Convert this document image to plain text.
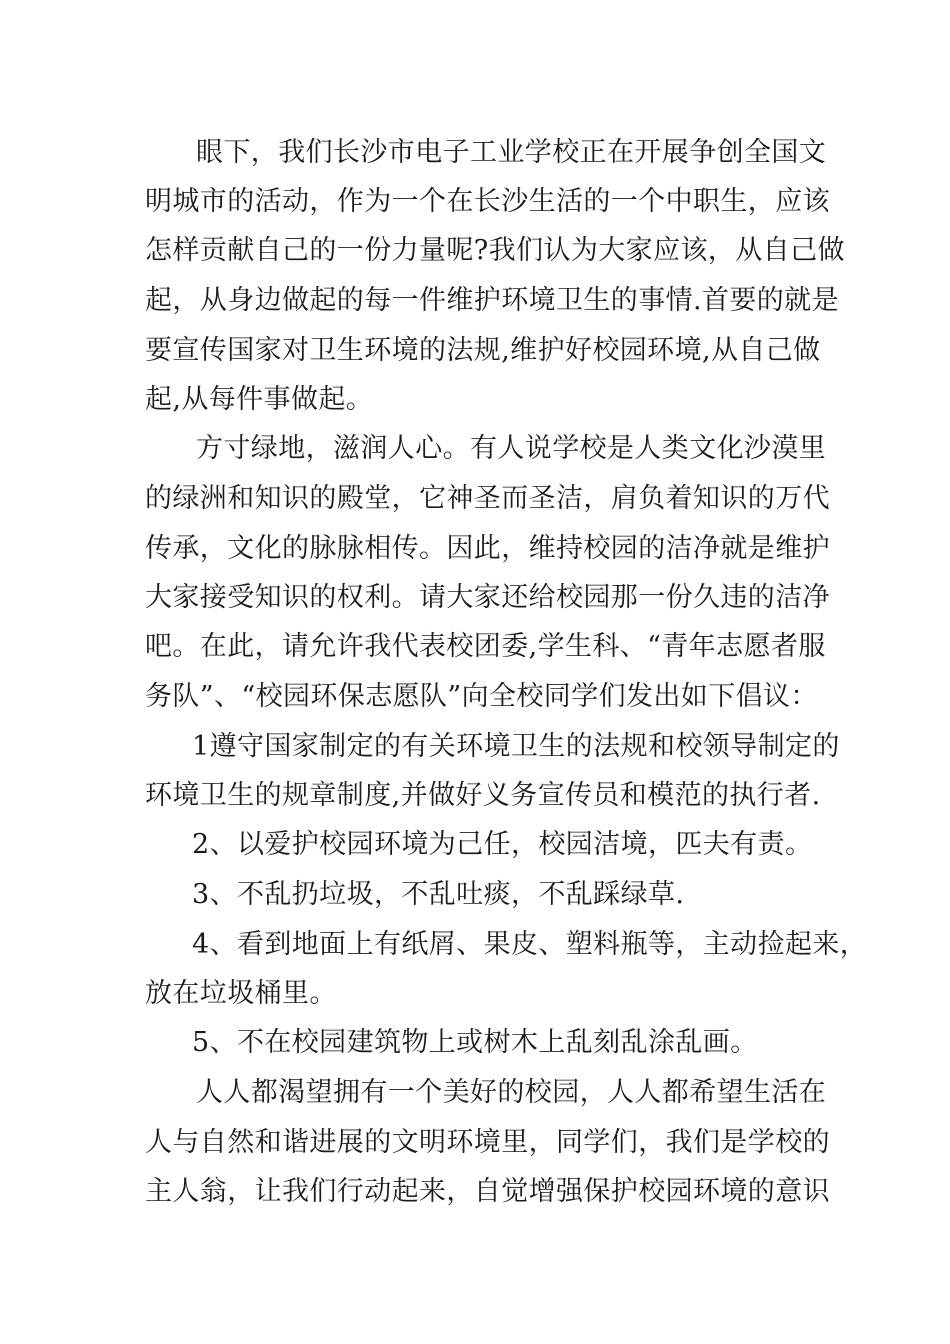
眼下，我们长沙市电子工业学校正在开展争创全国文
明城市的活动，作为一个在长沙生活的一个中职生，应该
怎样贡献自己的一份力量呢?我们认为大家应该，从自己做
起，从身边做起的每一件维护环境卫生的事情.首要的就是
要宣传国家对卫生环境的法规,维护好校园环境,从自己做
起,从每件事做起。
方寸绿地，滋润人心。有人说学校是人类文化沙漠里
的绿洲和知识的殿堂，它神圣而圣洁，肩负着知识的万代
传承，文化的脉脉相传。因此，维持校园的洁净就是维护
大家接受知识的权利。请大家还给校园那一份久违的洁净
吧。在此，请允许我代表校团委,学生科、“青年志愿者服
务队”、“校园环保志愿队”向全校同学们发出如下倡议：
1遵守国家制定的有关环境卫生的法规和校领导制定的
环境卫生的规章制度,并做好义务宣传员和模范的执行者.
2、以爱护校园环境为己任，校园洁境，匹夫有责。
3、不乱扔垃圾，不乱吐痰，不乱踩绿草.
4、看到地面上有纸屑、果皮、塑料瓶等，主动捡起来，
放在垃圾桶里。
5、不在校园建筑物上或树木上乱刻乱涂乱画。
人人都渴望拥有一个美好的校园，人人都希望生活在
人与自然和谐进展的文明环境里，同学们，我们是学校的
主人翁，让我们行动起来，自觉增强保护校园环境的意识
